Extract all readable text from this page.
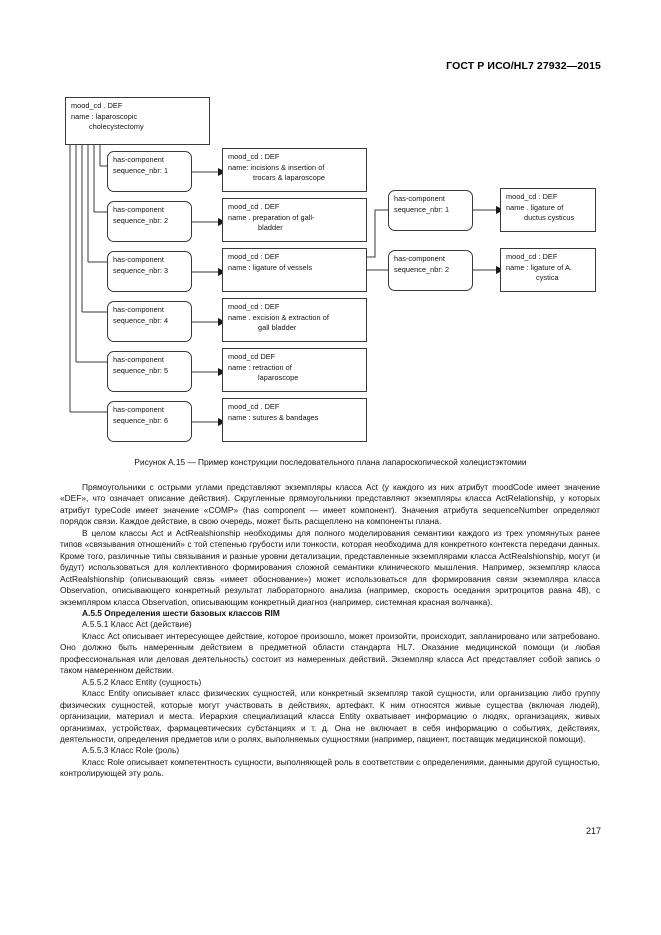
ГОСТ Р ИСО/HL7 27932—2015
mood_cd . DEF
name : laparoscopic
cholecystectomy
has-component
sequence_nbr: 1
has-component
sequence_nbr: 2
has-component
sequence_nbr: 3
has-component
sequence_nbr: 4
has-component
sequence_nbr: 5
has-component
sequence_nbr: 6
mood_cd : DEF
name: incisions & insertion of
trocars & laparoscope
mood_cd . DEF
name . preparation of gall-
bladder
mood_cd : DEF
name : ligature of vessels
mood_cd : DEF
name . excision & extraction of
gall bladder
mood_cd DEF
name : retraction of
laparoscope
mood_cd . DEF
name : sutures & bandages
has-component
sequence_nbr: 1
has-component
sequence_nbr: 2
mood_cd : DEF
name . ligature of
ductus cysticus
mood_cd : DEF
name : ligature of A.
cystica
Рисунок А.15 — Пример конструкции последовательного плана лапароскопической холецистэктомии

Прямоугольники с острыми углами представляют экземпляры класса Act (у каждого из них атрибут moodCode имеет значение «DEF», что означает описание действия). Скругленные прямоугольники представляют экземпляры класса ActRelationship, у которых атрибут typeCode имеет значение «COMP» (has component — имеет компонент). Значения атрибута sequenceNumber определяют порядок связи. Каждое действие, в свою очередь, может быть расщеплено на компоненты плана.

В целом классы Act и ActRealshionship необходимы для полного моделирования семантики каждого из трех упомянутых ранее типов «связывания отношений» с той степенью грубости или тонкости, которая необходима для конкретного контекста передачи данных. Кроме того, различные типы связывания и разные уровни детализации, представленные экземплярами класса ActRealshionship, могут (и будут) использоваться для коллективного формирования сложной семантики клинического мышления. Например, экземпляр класса ActRealshionship (описывающий связь «имеет обоснование») может использоваться для формирования связи экземпляра класса Observation, описывающего конкретный результат лабораторного анализа (например, скорость оседания эритроцитов равна 48), с экземпляром класса Observation, описывающим конкретный диагноз (например, системная красная волчанка).

А.5.5 Определения шести базовых классов RIM

А.5.5.1 Класс Act (действие)

Класс Act описывает интересующее действие, которое произошло, может произойти, происходит, запланировано или затребовано. Оно должно быть намеренным действием в предметной области стандарта HL7. Оказание медицинской помощи (и любая профессиональная или деловая деятельность) состоит из намеренных действий. Экземпляр класса Act представляет собой запись о таком намеренном действии.

А.5.5.2 Класс Entity (сущность)

Класс Entity описывает класс физических сущностей, или конкретный экземпляр такой сущности, или организацию либо группу физических сущностей, которые могут участвовать в действиях, артефакт. К ним относятся живые существа (включая людей), организации, материал и места. Иерархия специализаций класса Entity охватывает информацию о людях, организациях, живых организмах, устройствах, фармацевтических субстанциях и т. д. Она не включает в себя информацию о событиях, действиях, деятельности, определения предметов или о ролях, выполняемых сущностями (например, пациент, поставщик медицинской помощи).

А.5.5.3 Класс Role (роль)

Класс Role описывает компетентность сущности, выполняющей роль в соответствии с определениями, данными другой сущностью, контролирующей эту роль.

217
